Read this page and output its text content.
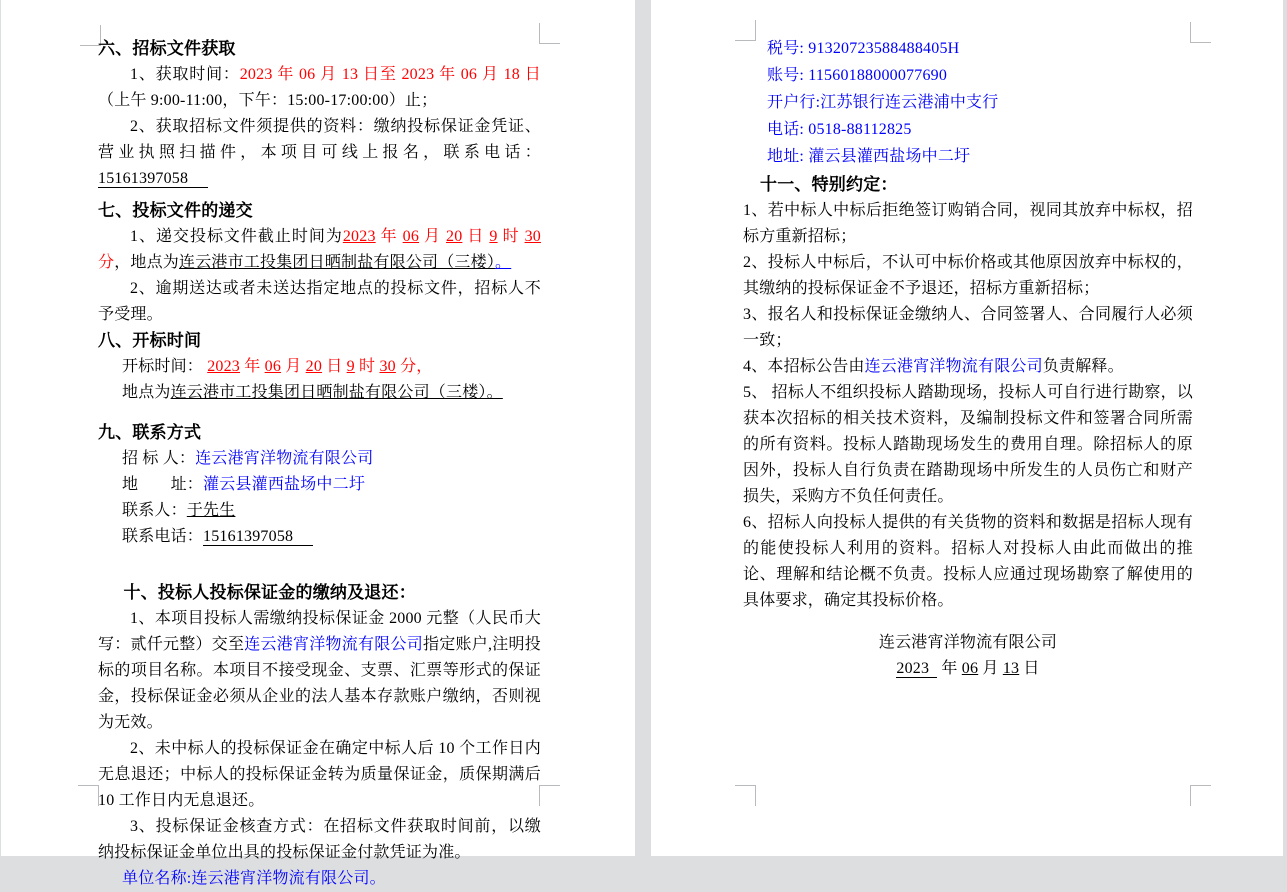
六、招标文件获取

1、获取时间：2023 年 06 月 13 日至 2023 年 06 月 18 日（上午 9:00-11:00，下午：15:00-17:00:00）止；

2、获取招标文件须提供的资料：缴纳投标保证金凭证、营业执照扫描件，本项目可线上报名，联系电话：15161397058

七、投标文件的递交

1、递交投标文件截止时间为2023 年 06 月 20 日 9 时 30 分，地点为连云港市工投集团日晒制盐有限公司（三楼）。

2、逾期送达或者未送达指定地点的投标文件，招标人不予受理。

八、开标时间

开标时间： 2023 年 06 月 20 日 9 时 30 分，

地点为连云港市工投集团日晒制盐有限公司（三楼）。

九、联系方式

招 标 人：连云港宵洋物流有限公司

地　　址：灌云县灌西盐场中二圩

联系人：于先生

联系电话：15161397058

十、投标人投标保证金的缴纳及退还：

1、本项目投标人需缴纳投标保证金 2000 元整（人民币大写：贰仟元整）交至连云港宵洋物流有限公司指定账户,注明投标的项目名称。本项目不接受现金、支票、汇票等形式的保证金，投标保证金必须从企业的法人基本存款账户缴纳，否则视为无效。

2、未中标人的投标保证金在确定中标人后 10 个工作日内无息退还；中标人的投标保证金转为质量保证金，质保期满后 10 工作日内无息退还。

3、投标保证金核查方式：在招标文件获取时间前，以缴纳投标保证金单位出具的投标保证金付款凭证为准。

单位名称:连云港宵洋物流有限公司。

税号: 91320723588488405H

账号: 11560188000077690

开户行:江苏银行连云港浦中支行

电话: 0518-88112825

地址: 灌云县灌西盐场中二圩

十一、特别约定：

1、若中标人中标后拒绝签订购销合同，视同其放弃中标权，招标方重新招标；

2、投标人中标后，不认可中标价格或其他原因放弃中标权的，其缴纳的投标保证金不予退还，招标方重新招标；

3、报名人和投标保证金缴纳人、合同签署人、合同履行人必须一致；

4、本招标公告由连云港宵洋物流有限公司负责解释。

5、 招标人不组织投标人踏勘现场，投标人可自行进行勘察，以获本次招标的相关技术资料，及编制投标文件和签署合同所需的所有资料。投标人踏勘现场发生的费用自理。除招标人的原因外，投标人自行负责在踏勘现场中所发生的人员伤亡和财产损失，采购方不负任何责任。

6、招标人向投标人提供的有关货物的资料和数据是招标人现有的能使投标人利用的资料。招标人对投标人由此而做出的推论、理解和结论概不负责。投标人应通过现场勘察了解使用的具体要求，确定其投标价格。

连云港宵洋物流有限公司

2023 年 06 月 13 日
